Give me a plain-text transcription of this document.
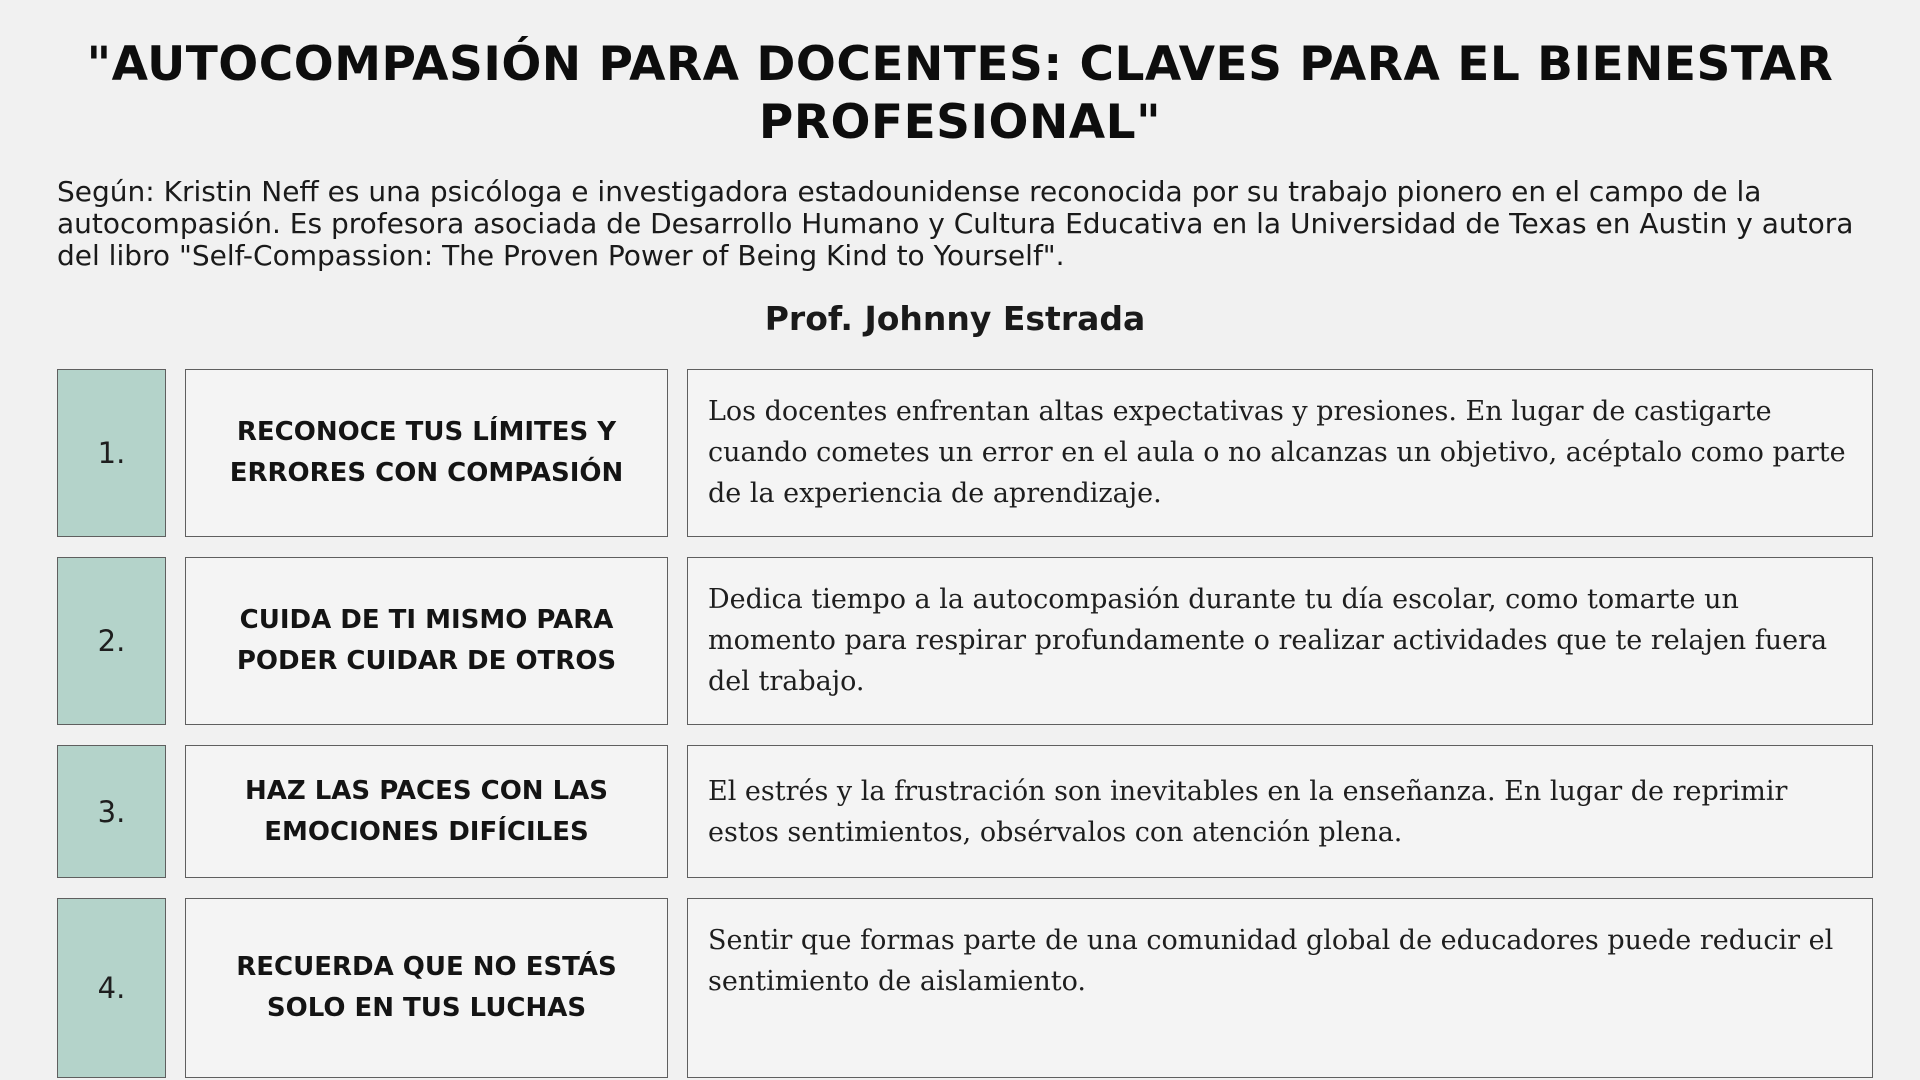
"AUTOCOMPASIÓN PARA DOCENTES: CLAVES PARA EL BIENESTAR PROFESIONAL"

Según: Kristin Neff es una psicóloga e investigadora estadounidense reconocida por su trabajo pionero en el campo de la autocompasión. Es profesora asociada de Desarrollo Humano y Cultura Educativa en la Universidad de Texas en Austin y autora del libro "Self-Compassion: The Proven Power of Being Kind to Yourself".

Prof. Johnny Estrada

1.
RECONOCE TUS LÍMITES Y ERRORES CON COMPASIÓN
Los docentes enfrentan altas expectativas y presiones. En lugar de castigarte cuando cometes un error en el aula o no alcanzas un objetivo, acéptalo como parte de la experiencia de aprendizaje.
2.
CUIDA DE TI MISMO PARA PODER CUIDAR DE OTROS
Dedica tiempo a la autocompasión durante tu día escolar, como tomarte un momento para respirar profundamente o realizar actividades que te relajen fuera del trabajo.
3.
HAZ LAS PACES CON LAS EMOCIONES DIFÍCILES
El estrés y la frustración son inevitables en la enseñanza. En lugar de reprimir estos sentimientos, obsérvalos con atención plena.
4.
RECUERDA QUE NO ESTÁS SOLO EN TUS LUCHAS
Sentir que formas parte de una comunidad global de educadores puede reducir el sentimiento de aislamiento.
